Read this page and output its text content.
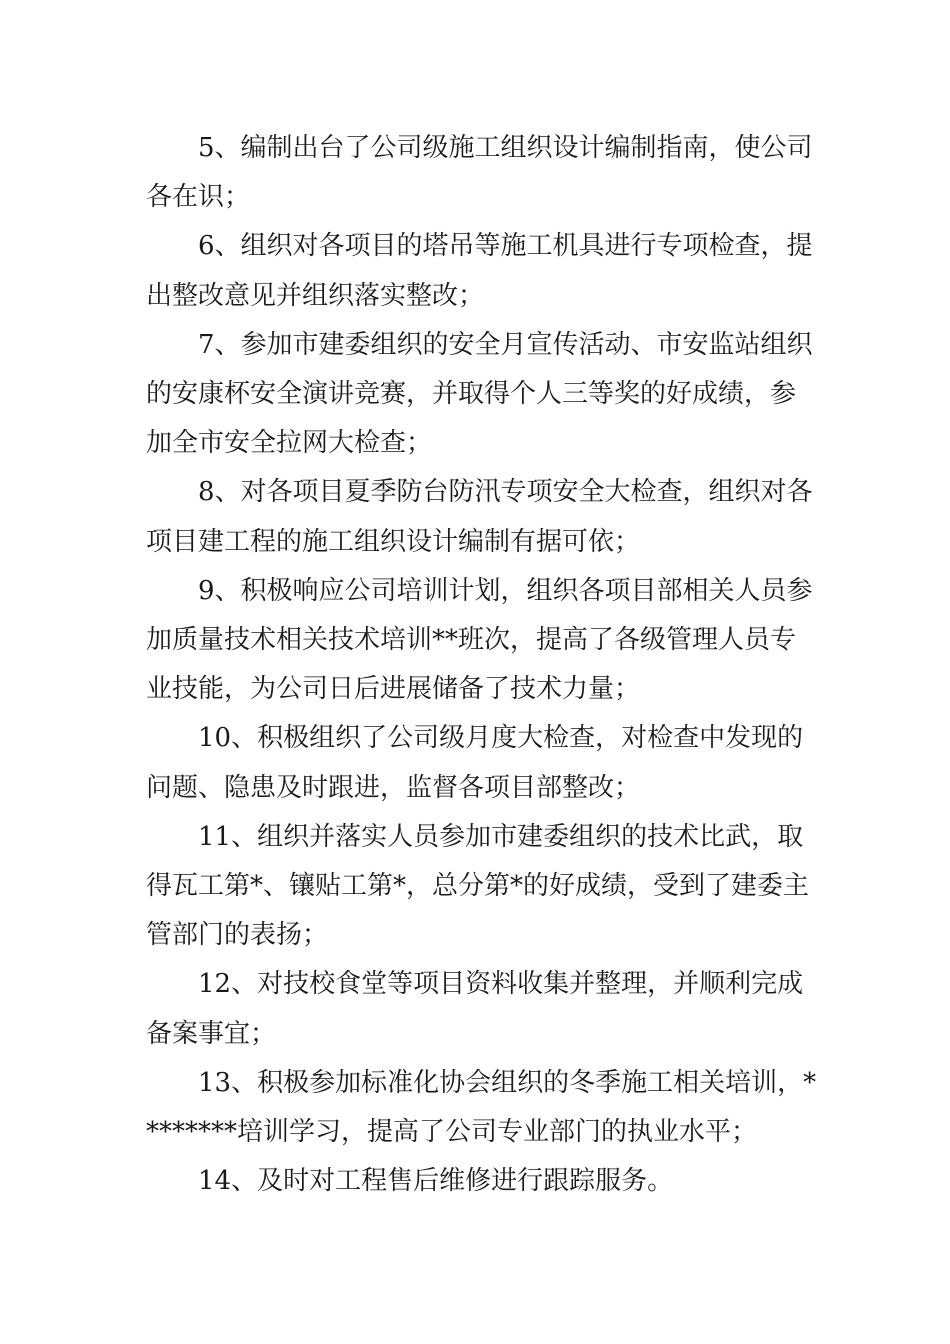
5、编制出台了公司级施工组织设计编制指南，使公司
各在识；
6、组织对各项目的塔吊等施工机具进行专项检查，提
出整改意见并组织落实整改；
7、参加市建委组织的安全月宣传活动、市安监站组织
的安康杯安全演讲竞赛，并取得个人三等奖的好成绩，参
加全市安全拉网大检查；
8、对各项目夏季防台防汛专项安全大检查，组织对各
项目建工程的施工组织设计编制有据可依；
9、积极响应公司培训计划，组织各项目部相关人员参
加质量技术相关技术培训**班次，提高了各级管理人员专
业技能，为公司日后进展储备了技术力量；
10、积极组织了公司级月度大检查，对检查中发现的
问题、隐患及时跟进，监督各项目部整改；
11、组织并落实人员参加市建委组织的技术比武，取
得瓦工第*、镶贴工第*，总分第*的好成绩，受到了建委主
管部门的表扬；
12、对技校食堂等项目资料收集并整理，并顺利完成
备案事宜；
13、积极参加标准化协会组织的冬季施工相关培训，*
*******培训学习，提高了公司专业部门的执业水平；
14、及时对工程售后维修进行跟踪服务。
